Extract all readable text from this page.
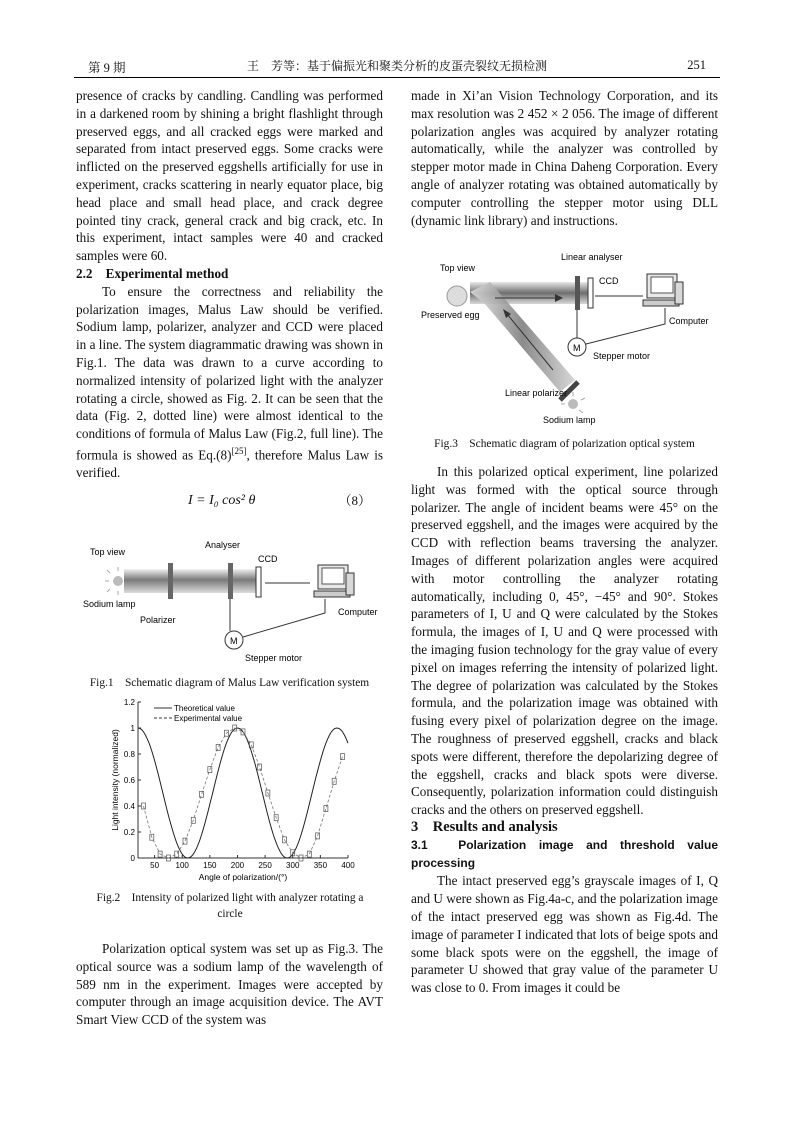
第 9 期	王　芳等：基于偏振光和聚类分析的皮蛋壳裂纹无损检测	251

presence of cracks by candling. Candling was performed in a darkened room by shining a bright flashlight through preserved eggs, and all cracked eggs were marked and separated from intact preserved eggs. Some cracks were inflicted on the preserved eggshells artificially for use in experiment, cracks scattering in nearly equator place, big head place and small head place, and crack degree pointed tiny crack, general crack and big crack, etc. In this experiment, intact samples were 40 and cracked samples were 60.

2.2　Experimental method

To ensure the correctness and reliability the polarization images, Malus Law should be verified. Sodium lamp, polarizer, analyzer and CCD were placed in a line. The system diagrammatic drawing was shown in Fig.1. The data was drawn to a curve according to normalized intensity of polarized light with the analyzer rotating a circle, showed as Fig. 2. It can be seen that the data (Fig. 2, dotted line) were almost identical to the conditions of formula of Malus Law (Fig.2, full line). The formula is showed as Eq.(8)[25], therefore Malus Law is verified.

I = I₀ cos² θ	（8）
Top view
Analyser
CCD
Sodium lamp
Polarizer
Computer
M
Stepper motor
Fig.1　Schematic diagram of Malus Law verification system
0
0.2
0.4
0.6
0.8
1
1.2
50 100 150 200 250 300 350 400
Angle of polarization/(°)
Light intensity (normalized)
Theoretical value
Experimental value
Fig.2　Intensity of polarized light with analyzer rotating a circle
Polarization optical system was set up as Fig.3. The optical source was a sodium lamp of the wavelength of 589 nm in the experiment. Images were accepted by computer through an image acquisition device. The AVT Smart View CCD of the system was
made in Xi’an Vision Technology Corporation, and its max resolution was 2 452 × 2 056. The image of different polarization angles was acquired by analyzer rotating automatically, while the analyzer was controlled by stepper motor made in China Daheng Corporation. Every angle of analyzer rotating was obtained automatically by computer controlling the stepper motor using DLL (dynamic link library) and instructions.
Top view
Linear analyser
CCD
Preserved egg
Computer
M
Stepper motor
Linear polarizer
Sodium lamp
Fig.3　Schematic diagram of polarization optical system

In this polarized optical experiment, line polarized light was formed with the optical source through polarizer. The angle of incident beams were 45° on the preserved eggshell, and the images were acquired by the CCD with reflection beams traversing the analyzer. Images of different polarization angles were acquired with motor controlling the analyzer rotating automatically, including 0, 45°, −45° and 90°. Stokes parameters of I, U and Q were calculated by the Stokes formula, the images of I, U and Q were processed with the imaging fusion technology for the gray value of every pixel on images referring the intensity of polarized light. The degree of polarization was calculated by the Stokes formula, and the polarization image was obtained with fusing every pixel of polarization degree on the image. The roughness of preserved eggshell, cracks and black spots were different, therefore the depolarizing degree of the eggshell, cracks and black spots were diverse. Consequently, polarization information could distinguish cracks and the others on preserved eggshell.

3　Results and analysis

3.1　Polarization image and threshold value processing

The intact preserved egg’s grayscale images of I, Q and U were shown as Fig.4a-c, and the polarization image of the intact preserved egg was shown as Fig.4d. The image of parameter I indicated that lots of beige spots and some black spots were on the eggshell, the image of parameter U showed that gray value of the parameter U was close to 0. From images it could be
